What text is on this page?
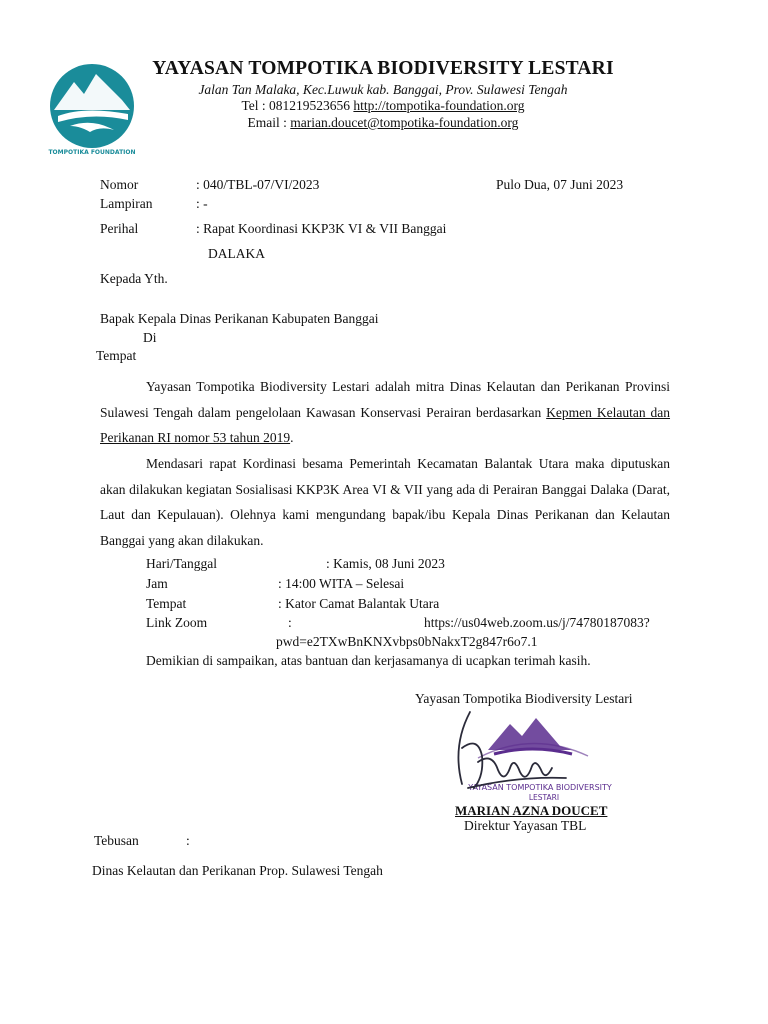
TOMPOTIKA FOUNDATION
YAYASAN TOMPOTIKA BIODIVERSITY LESTARI
Jalan Tan Malaka, Kec.Luwuk kab. Banggai, Prov. Sulawesi Tengah
Tel : 081219523656 http://tompotika-foundation.org
Email : marian.doucet@tompotika-foundation.org
Nomor	: 040/TBL-07/VI/2023	Pulo Dua, 07 Juni 2023
Lampiran	: -
Perihal	: Rapat Koordinasi KKP3K VI & VII Banggai
DALAKA
Kepada Yth.
Bapak Kepala Dinas Perikanan Kabupaten Banggai
Di
Tempat

Yayasan Tompotika Biodiversity Lestari adalah mitra Dinas Kelautan dan Perikanan Provinsi Sulawesi Tengah dalam pengelolaan Kawasan Konservasi Perairan berdasarkan Kepmen Kelautan dan Perikanan RI nomor 53 tahun 2019.

Mendasari rapat Kordinasi besama Pemerintah Kecamatan Balantak Utara maka diputuskan akan dilakukan kegiatan Sosialisasi KKP3K Area VI & VII yang ada di Perairan Banggai Dalaka (Darat, Laut dan Kepulauan). Olehnya kami mengundang bapak/ibu Kepala Dinas Perikanan dan Kelautan Banggai yang akan dilakukan.

Hari/Tanggal	: Kamis, 08 Juni 2023
Jam	: 14:00 WITA – Selesai
Tempat	: Kator Camat Balantak Utara
Link Zoom	:	https://us04web.zoom.us/j/74780187083?
pwd=e2TXwBnKNXvbps0bNakxT2g847r6o7.1
Demikian di sampaikan, atas bantuan dan kerjasamanya di ucapkan terimah kasih.
Yayasan Tompotika Biodiversity Lestari
YAYASAN TOMPOTIKA BIODIVERSITY
LESTARI
MARIAN AZNA DOUCET
Direktur Yayasan TBL
Tebusan	:
Dinas Kelautan dan Perikanan Prop. Sulawesi Tengah
